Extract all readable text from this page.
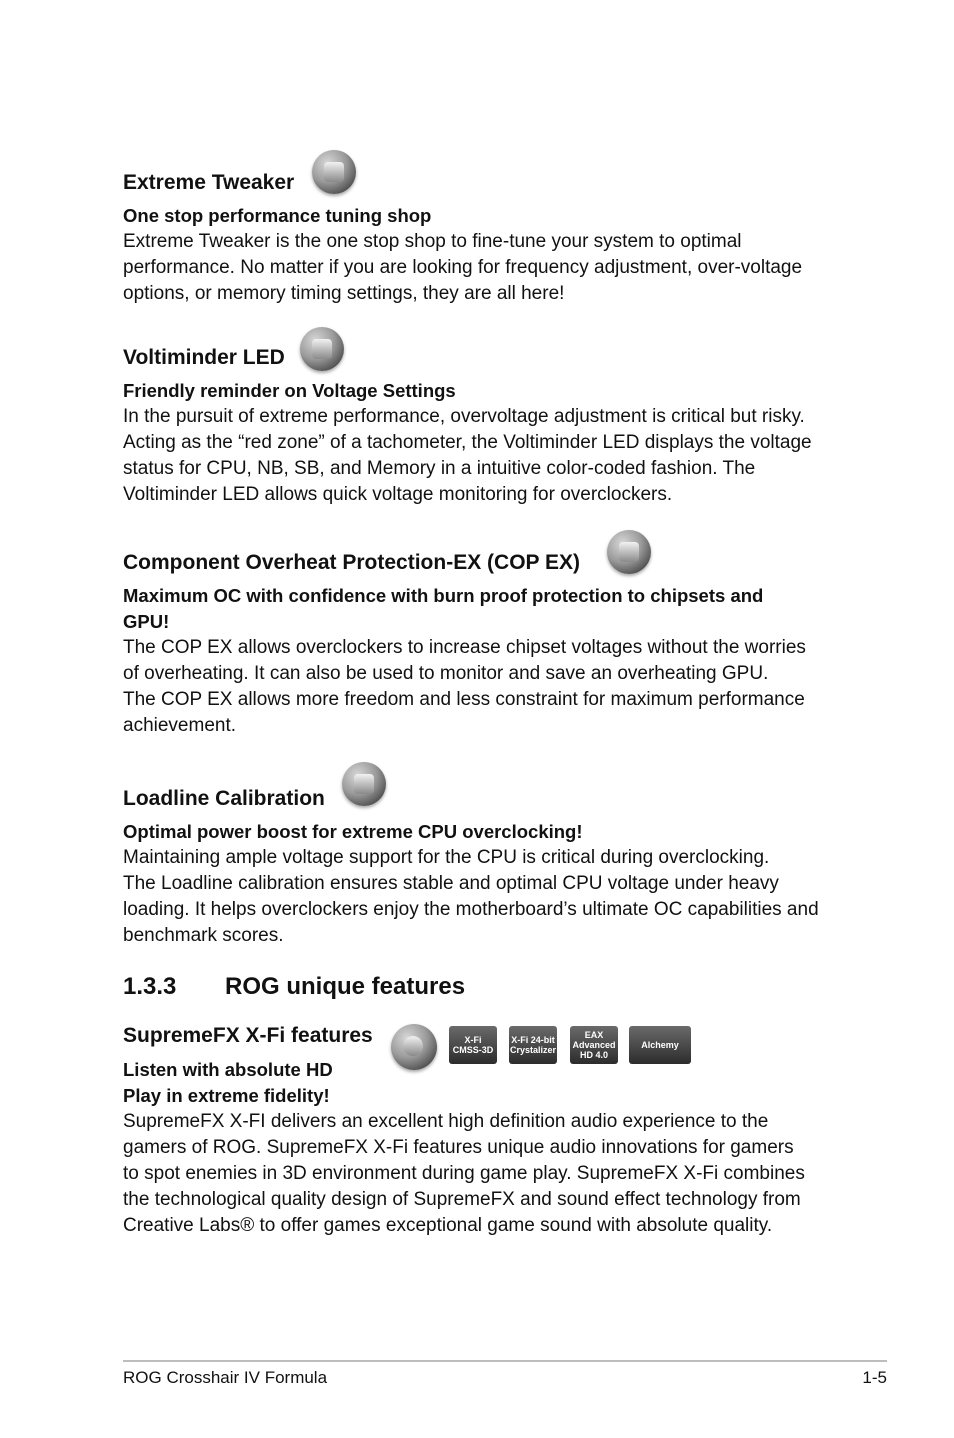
Extreme Tweaker
One stop performance tuning shop
Extreme Tweaker is the one stop shop to fine-tune your system to optimal
performance. No matter if you are looking for frequency adjustment, over-voltage
options, or memory timing settings, they are all here!
Voltiminder LED
Friendly reminder on Voltage Settings
In the pursuit of extreme performance, overvoltage adjustment is critical but risky.
Acting as the “red zone” of a tachometer, the Voltiminder LED displays the voltage
status for CPU, NB, SB, and Memory in a intuitive color-coded fashion. The
Voltiminder LED allows quick voltage monitoring for overclockers.
Component Overheat Protection-EX (COP EX)
Maximum OC with confidence with burn proof protection to chipsets and
GPU!
The COP EX allows overclockers to increase chipset voltages without the worries
of overheating. It can also be used to monitor and save an overheating GPU.
The COP EX allows more freedom and less constraint for maximum performance
achievement.
Loadline Calibration
Optimal power boost for extreme CPU overclocking!
Maintaining ample voltage support for the CPU is critical during overclocking.
The Loadline calibration ensures stable and optimal CPU voltage under heavy
loading. It helps overclockers enjoy the motherboard’s ultimate OC capabilities and
benchmark scores.
1.3.3 ROG unique features
SupremeFX X-Fi features	X-Fi CMSS-3D
X-Fi 24-bit Crystalizer
EAX Advanced HD 4.0
Alchemy
Listen with absolute HD
Play in extreme fidelity!
SupremeFX X-FI delivers an excellent high definition audio experience to the
gamers of ROG. SupremeFX X-Fi features unique audio innovations for gamers
to spot enemies in 3D environment during game play. SupremeFX X-Fi combines
the technological quality design of SupremeFX and sound effect technology from
Creative Labs® to offer games exceptional game sound with absolute quality.
ROG Crosshair IV Formula	1-5
